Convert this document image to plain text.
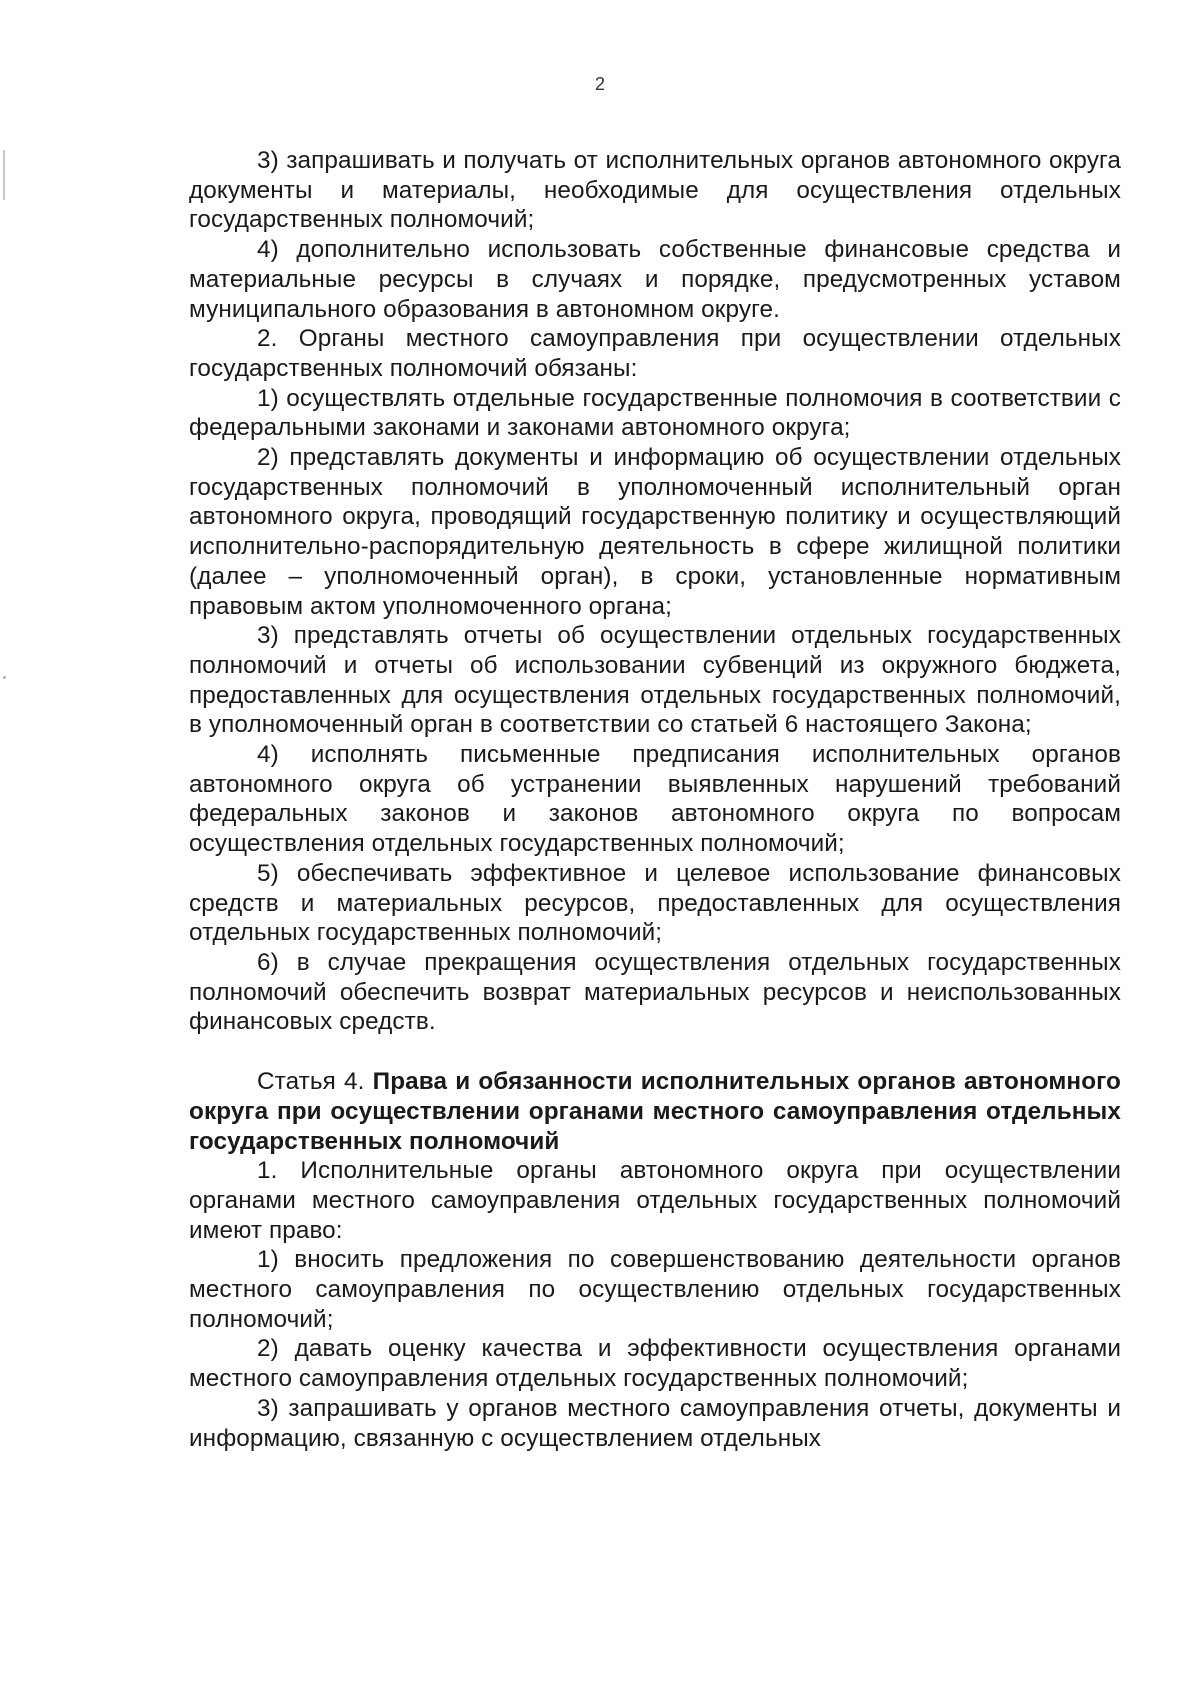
2

3) запрашивать и получать от исполнительных органов автономного округа документы и материалы, необходимые для осуществления отдельных государственных полномочий;

4) дополнительно использовать собственные финансовые средства и материальные ресурсы в случаях и порядке, предусмотренных уставом муниципального образования в автономном округе.

2. Органы местного самоуправления при осуществлении отдельных государственных полномочий обязаны:

1) осуществлять отдельные государственные полномочия в соответствии с федеральными законами и законами автономного округа;

2) представлять документы и информацию об осуществлении отдельных государственных полномочий в уполномоченный исполнительный орган автономного округа, проводящий государственную политику и осуществляющий исполнительно-распорядительную деятельность в сфере жилищной политики (далее – уполномоченный орган), в сроки, установленные нормативным правовым актом уполномоченного органа;

3) представлять отчеты об осуществлении отдельных государственных полномочий и отчеты об использовании субвенций из окружного бюджета, предоставленных для осуществления отдельных государственных полномочий, в уполномоченный орган в соответствии со статьей 6 настоящего Закона;

4) исполнять письменные предписания исполнительных органов автономного округа об устранении выявленных нарушений требований федеральных законов и законов автономного округа по вопросам осуществления отдельных государственных полномочий;

5) обеспечивать эффективное и целевое использование финансовых средств и материальных ресурсов, предоставленных для осуществления отдельных государственных полномочий;

6) в случае прекращения осуществления отдельных государственных полномочий обеспечить возврат материальных ресурсов и неиспользованных финансовых средств.

Статья 4. Права и обязанности исполнительных органов автономного округа при осуществлении органами местного самоуправления отдельных государственных полномочий

1. Исполнительные органы автономного округа при осуществлении органами местного самоуправления отдельных государственных полномочий имеют право:

1) вносить предложения по совершенствованию деятельности органов местного самоуправления по осуществлению отдельных государственных полномочий;

2) давать оценку качества и эффективности осуществления органами местного самоуправления отдельных государственных полномочий;

3) запрашивать у органов местного самоуправления отчеты, документы и информацию, связанную с осуществлением отдельных
